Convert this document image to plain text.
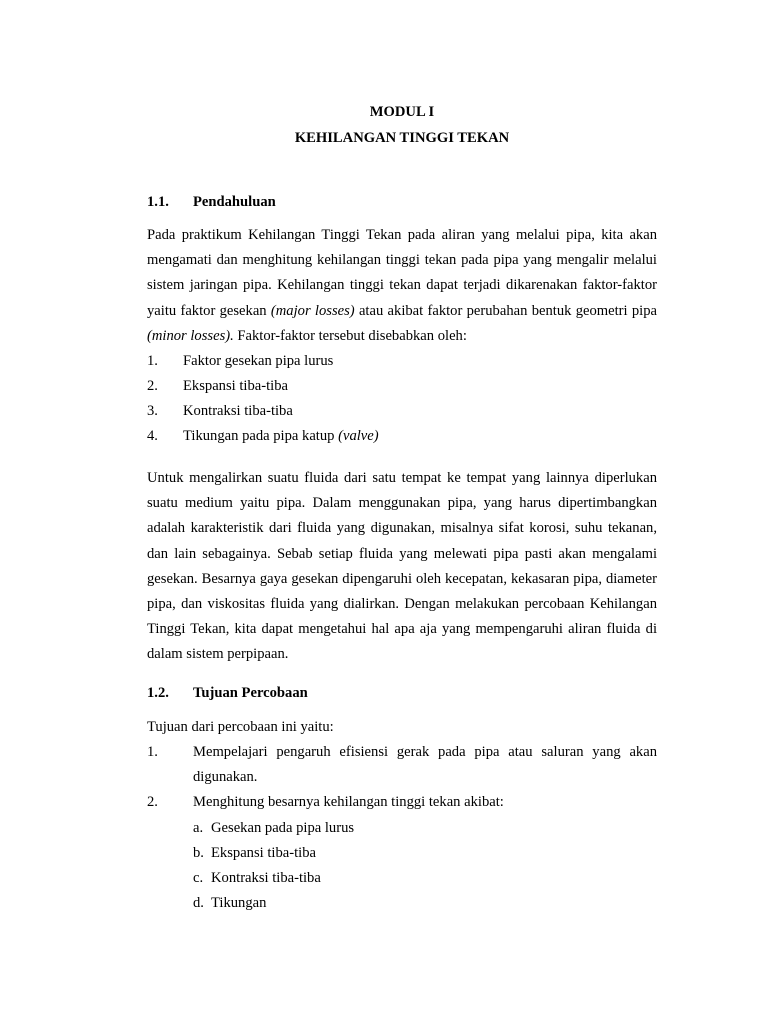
MODUL I
KEHILANGAN TINGGI TEKAN
1.1. Pendahuluan

Pada praktikum Kehilangan Tinggi Tekan pada aliran yang melalui pipa, kita akan mengamati dan menghitung kehilangan tinggi tekan pada pipa yang mengalir melalui sistem jaringan pipa. Kehilangan tinggi tekan dapat terjadi dikarenakan faktor-faktor yaitu faktor gesekan (major losses) atau akibat faktor perubahan bentuk geometri pipa (minor losses). Faktor-faktor tersebut disebabkan oleh:

1. Faktor gesekan pipa lurus
2. Ekspansi tiba-tiba
3. Kontraksi tiba-tiba
4. Tikungan pada pipa katup (valve)

Untuk mengalirkan suatu fluida dari satu tempat ke tempat yang lainnya diperlukan suatu medium yaitu pipa. Dalam menggunakan pipa, yang harus dipertimbangkan adalah karakteristik dari fluida yang digunakan, misalnya sifat korosi, suhu tekanan, dan lain sebagainya. Sebab setiap fluida yang melewati pipa pasti akan mengalami gesekan. Besarnya gaya gesekan dipengaruhi oleh kecepatan, kekasaran pipa, diameter pipa, dan viskositas fluida yang dialirkan. Dengan melakukan percobaan Kehilangan Tinggi Tekan, kita dapat mengetahui hal apa aja yang mempengaruhi aliran fluida di dalam sistem perpipaan.

1.2. Tujuan Percobaan
Tujuan dari percobaan ini yaitu:
1. Mempelajari pengaruh efisiensi gerak pada pipa atau saluran yang akan digunakan.
2. Menghitung besarnya kehilangan tinggi tekan akibat:
a. Gesekan pada pipa lurus
b. Ekspansi tiba-tiba
c. Kontraksi tiba-tiba
d. Tikungan
